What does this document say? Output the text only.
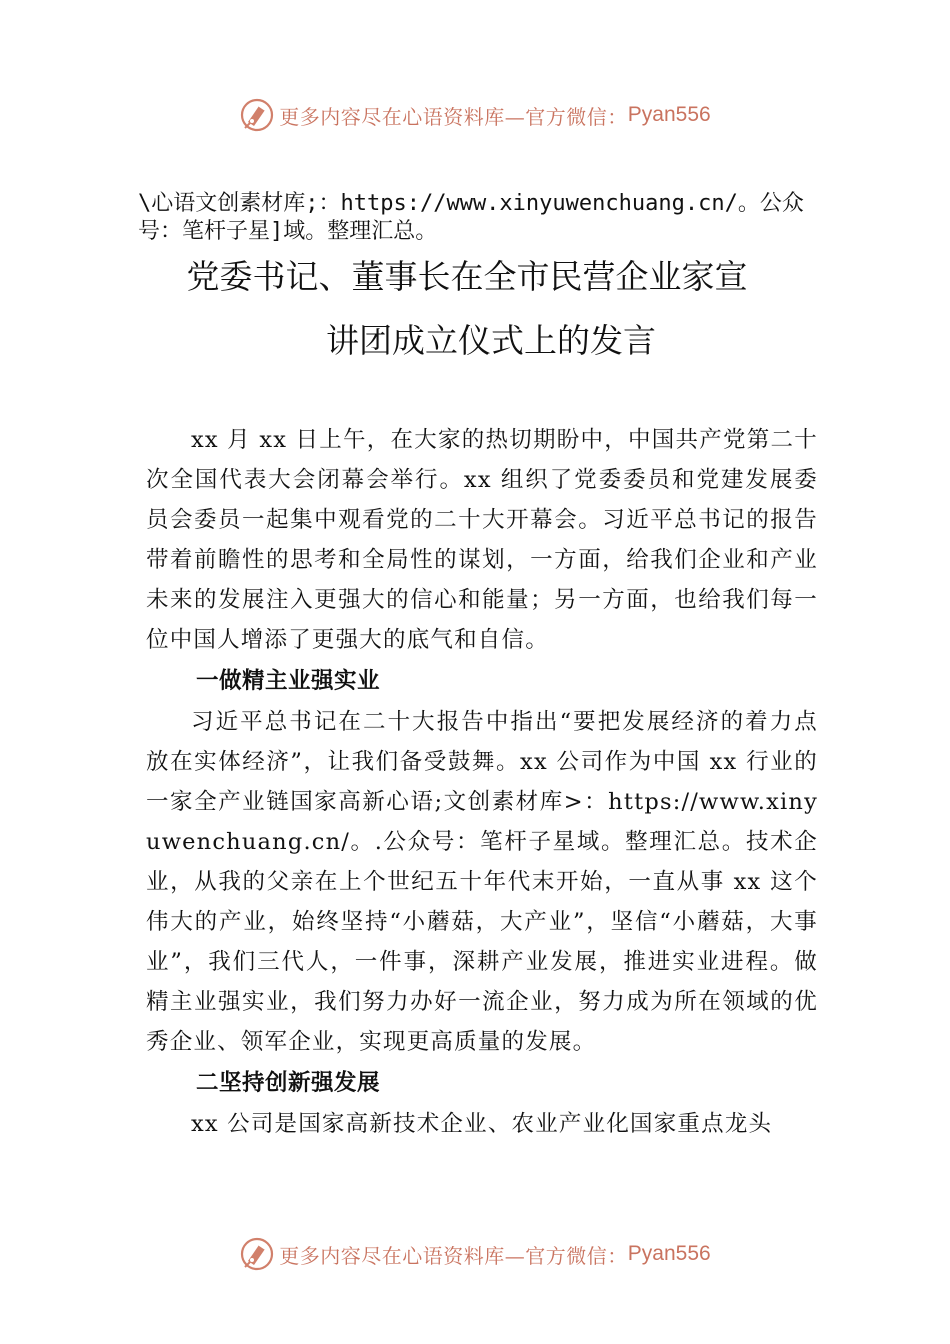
更多内容尽在心语资料库—官方微信： Pyan556
\心语文创素材库;：https://www.xinyuwenchuang.cn/。公众号：笔杆子星]域。整理汇总。
党委书记、董事长在全市民营企业家宣
讲团成立仪式上的发言

xx 月 xx 日上午，在大家的热切期盼中，中国共产党第二十次全国代表大会闭幕会举行。xx 组织了党委委员和党建发展委员会委员一起集中观看党的二十大开幕会。习近平总书记的报告带着前瞻性的思考和全局性的谋划，一方面，给我们企业和产业未来的发展注入更强大的信心和能量；另一方面，也给我们每一位中国人增添了更强大的底气和自信。

一做精主业强实业

习近平总书记在二十大报告中指出“要把发展经济的着力点放在实体经济”，让我们备受鼓舞。xx 公司作为中国 xx 行业的一家全产业链国家高新心语;文创素材库>：https://www.xinyuwenchuang.cn/。.公众号：笔杆子星域。整理汇总。技术企业，从我的父亲在上个世纪五十年代末开始，一直从事 xx 这个伟大的产业，始终坚持“小蘑菇，大产业”，坚信“小蘑菇，大事业”，我们三代人，一件事，深耕产业发展，推进实业进程。做精主业强实业，我们努力办好一流企业，努力成为所在领域的优秀企业、领军企业，实现更高质量的发展。

二坚持创新强发展

xx 公司是国家高新技术企业、农业产业化国家重点龙头

更多内容尽在心语资料库—官方微信： Pyan556
